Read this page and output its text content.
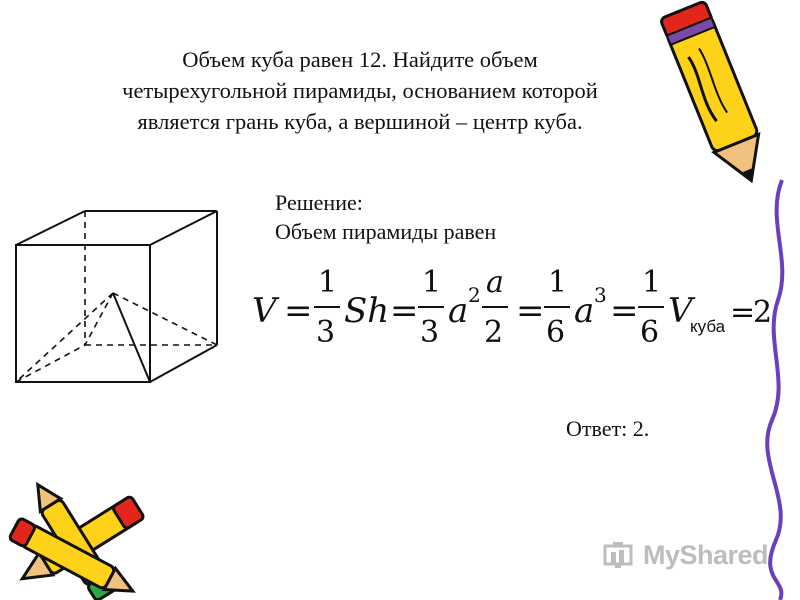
Объем куба равен 12. Найдите объем
четырехугольной пирамиды, основанием которой
является грань куба, а вершиной – центр куба.
Решение:
Объем пирамиды равен
V =
1
3
Sh =
1
3
a 2 a
2
=
1
6
a 3 =
1
6
V
куба =
2
Ответ: 2.
MyShared
